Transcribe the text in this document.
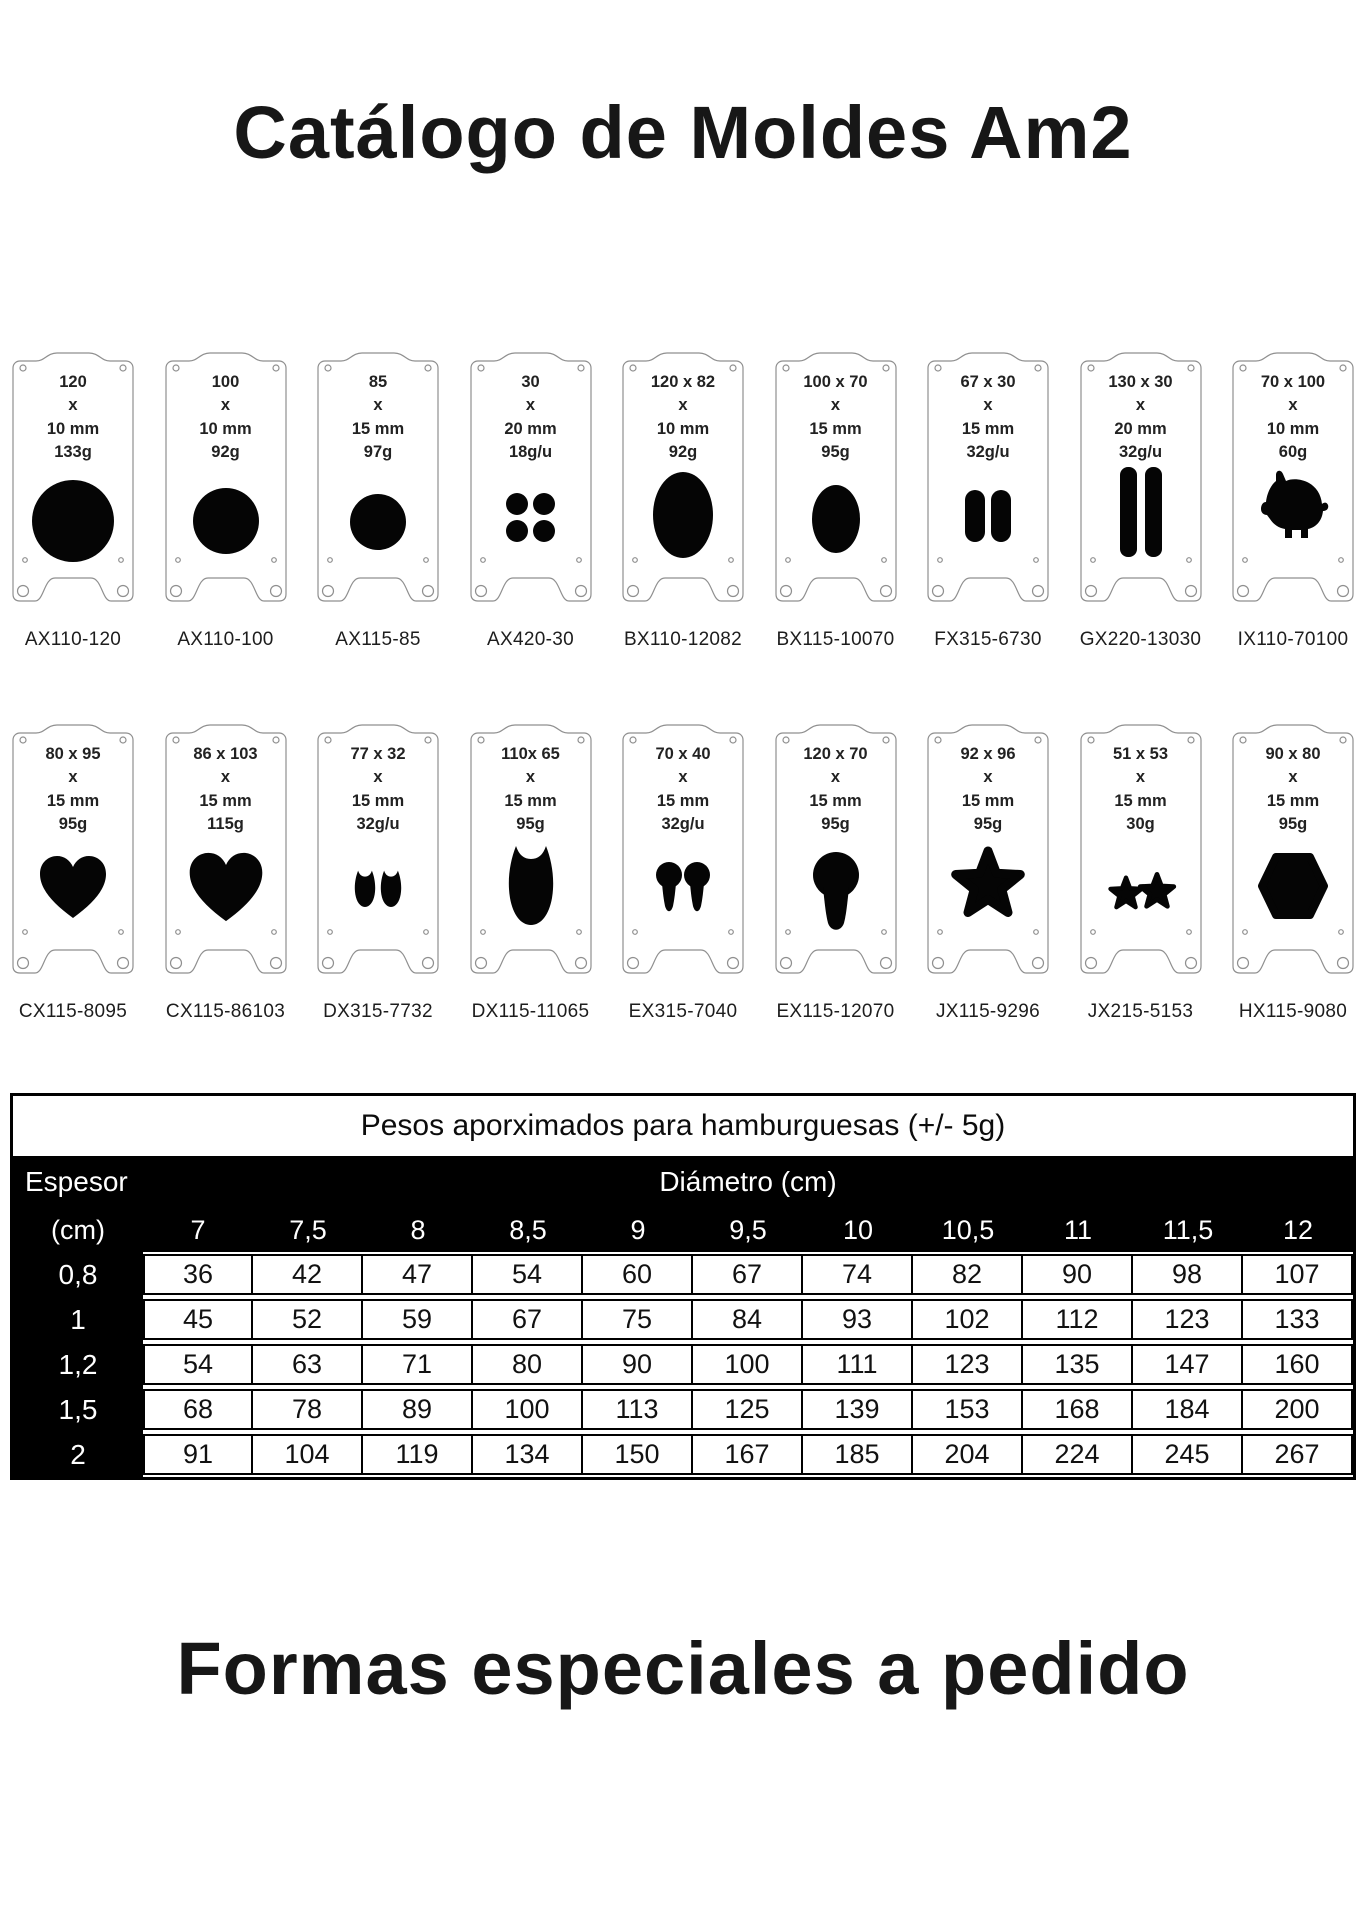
Catálogo de Moldes Am2
120
x
10 mm
133g
AX110-120
100
x
10 mm
92g
AX110-100
85
x
15 mm
97g
AX115-85
30
x
20 mm
18g/u
AX420-30
120 x 82
x
10 mm
92g
BX110-12082
100 x 70
x
15 mm
95g
BX115-10070
67 x 30
x
15 mm
32g/u
FX315-6730
130 x 30
x
20 mm
32g/u
GX220-13030
70 x 100
x
10 mm
60g
IX110-70100
80 x 95
x
15 mm
95g
CX115-8095
86 x 103
x
15 mm
115g
CX115-86103
77 x 32
x
15 mm
32g/u
DX315-7732
110x 65
x
15 mm
95g
DX115-11065
70 x 40
x
15 mm
32g/u
EX315-7040
120 x 70
x
15 mm
95g
EX115-12070
92 x 96
x
15 mm
95g
JX115-9296
51 x 53
x
15 mm
30g
JX215-5153
90 x 80
x
15 mm
95g
HX115-9080
Pesos aporximados para hamburguesas (+/- 5g)
Espesor	Diámetro (cm)
(cm)	7	7,5	8	8,5	9	9,5	10	10,5	11	11,5	12
0,8	36	42	47	54	60	67	74	82	90	98	107
1	45	52	59	67	75	84	93	102	112	123	133
1,2	54	63	71	80	90	100	111	123	135	147	160
1,5	68	78	89	100	113	125	139	153	168	184	200
2	91	104	119	134	150	167	185	204	224	245	267
Formas especiales a pedido
